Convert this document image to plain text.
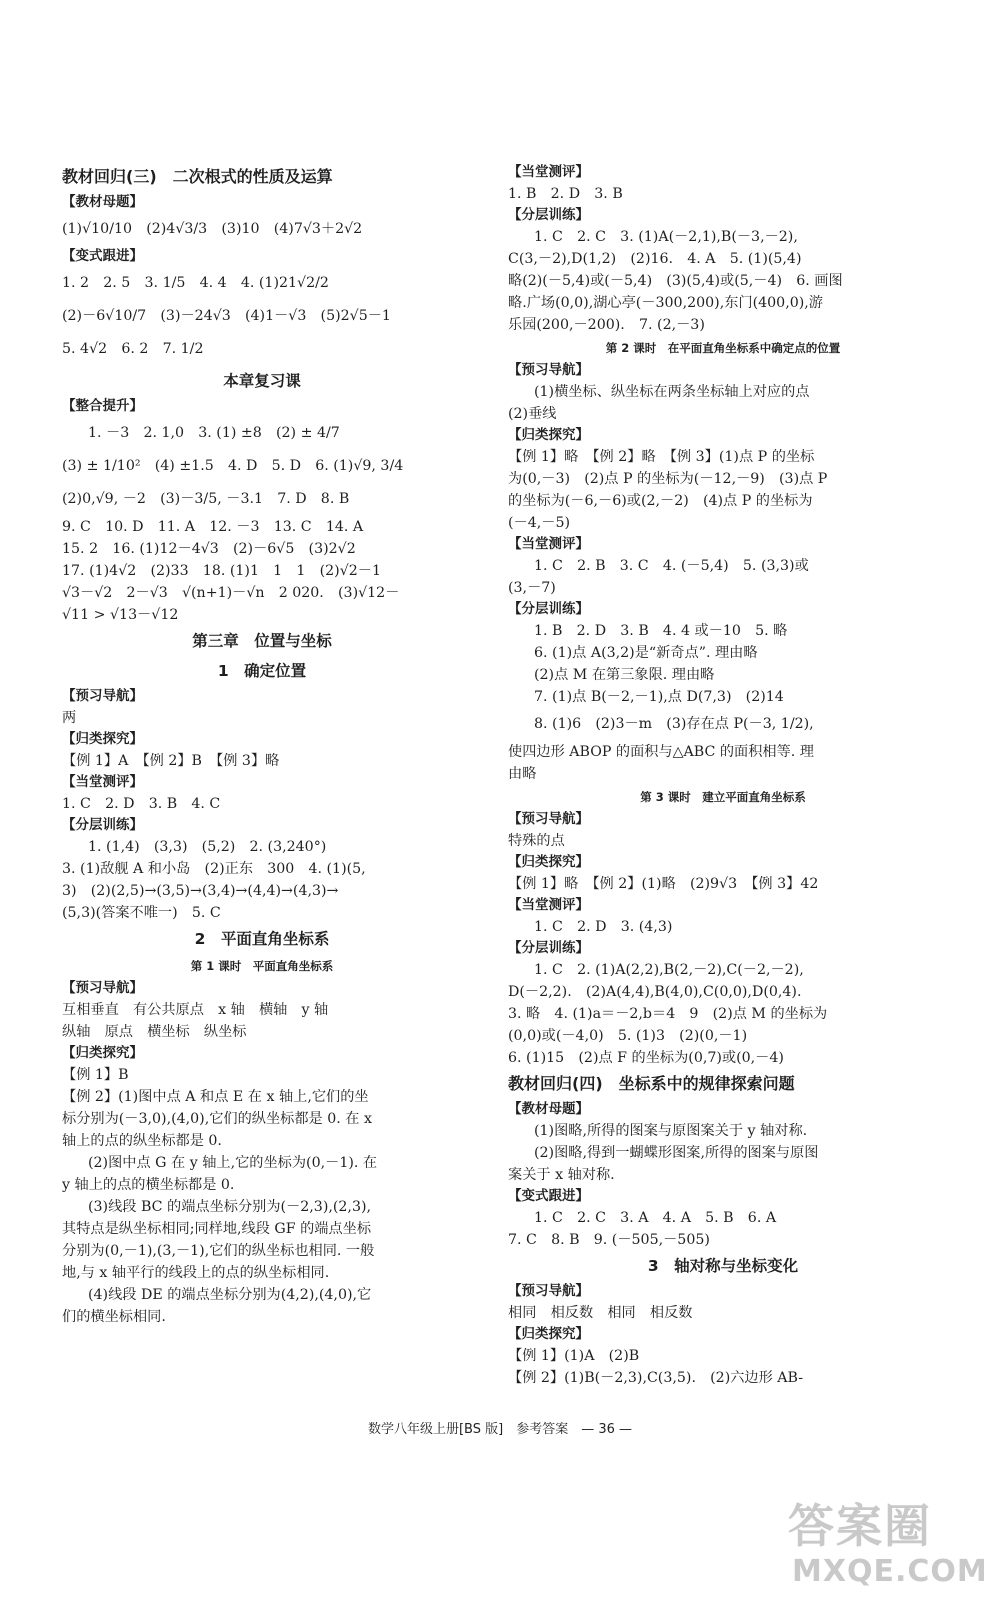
教材回归(三)　二次根式的性质及运算
【教材母题】
(1)√10/10　(2)4√3/3　(3)10　(4)7√3＋2√2
【变式跟进】
1. 2　2. 5　3. 1/5　4. 4　4. (1)21√2/2
(2)－6√10/7　(3)－24√3　(4)1－√3　(5)2√5－1
5. 4√2　6. 2　7. 1/2
本章复习课
【整合提升】
1. －3　2. 1,0　3. (1) ±8　(2) ± 4/7
(3) ± 1/10²　(4) ±1.5　4. D　5. D　6. (1)√9, 3/4
(2)0,√9, －2　(3)－3/5, －3.1　7. D　8. B
9. C　10. D　11. A　12. －3　13. C　14. A
15. 2　16. (1)12－4√3　(2)－6√5　(3)2√2
17. (1)4√2　(2)33　18. (1)1　1　1　(2)√2－1
√3－√2　2－√3　√(n+1)－√n　2 020.　(3)√12－
√11 > √13－√12
第三章　位置与坐标
1　确定位置
【预习导航】
两
【归类探究】
【例 1】A　【例 2】B　【例 3】略
【当堂测评】
1. C　2. D　3. B　4. C
【分层训练】
1. (1,4)　(3,3)　(5,2)　2. (3,240°)
3. (1)敌舰 A 和小岛　(2)正东　300　4. (1)(5,
3)　(2)(2,5)→(3,5)→(3,4)→(4,4)→(4,3)→
(5,3)(答案不唯一)　5. C
2　平面直角坐标系
第 1 课时　平面直角坐标系
【预习导航】
互相垂直　有公共原点　x 轴　横轴　y 轴
纵轴　原点　横坐标　纵坐标
【归类探究】
【例 1】B
【例 2】(1)图中点 A 和点 E 在 x 轴上,它们的坐
标分别为(－3,0),(4,0),它们的纵坐标都是 0. 在 x
轴上的点的纵坐标都是 0.
(2)图中点 G 在 y 轴上,它的坐标为(0,－1). 在
y 轴上的点的横坐标都是 0.
(3)线段 BC 的端点坐标分别为(－2,3),(2,3),
其特点是纵坐标相同;同样地,线段 GF 的端点坐标
分别为(0,－1),(3,－1),它们的纵坐标也相同. 一般
地,与 x 轴平行的线段上的点的纵坐标相同.
(4)线段 DE 的端点坐标分别为(4,2),(4,0),它
们的横坐标相同.
【当堂测评】
1. B　2. D　3. B
【分层训练】
1. C　2. C　3. (1)A(－2,1),B(－3,－2),
C(3,－2),D(1,2)　(2)16.　4. A　5. (1)(5,4)
略(2)(－5,4)或(－5,4)　(3)(5,4)或(5,－4)　6. 画图
略.广场(0,0),湖心亭(－300,200),东门(400,0),游
乐园(200,－200).　7. (2,－3)
第 2 课时　在平面直角坐标系中确定点的位置
【预习导航】
(1)横坐标、纵坐标在两条坐标轴上对应的点
(2)垂线
【归类探究】
【例 1】略　【例 2】略　【例 3】(1)点 P 的坐标
为(0,－3)　(2)点 P 的坐标为(－12,－9)　(3)点 P
的坐标为(－6,－6)或(2,－2)　(4)点 P 的坐标为
(－4,－5)
【当堂测评】
1. C　2. B　3. C　4. (－5,4)　5. (3,3)或
(3,－7)
【分层训练】
1. B　2. D　3. B　4. 4 或－10　5. 略
6. (1)点 A(3,2)是“新奇点”. 理由略
(2)点 M 在第三象限. 理由略
7. (1)点 B(－2,－1),点 D(7,3)　(2)14
8. (1)6　(2)3－m　(3)存在点 P(－3, 1/2),
使四边形 ABOP 的面积与△ABC 的面积相等. 理
由略
第 3 课时　建立平面直角坐标系
【预习导航】
特殊的点
【归类探究】
【例 1】略　【例 2】(1)略　(2)9√3　【例 3】42
【当堂测评】
1. C　2. D　3. (4,3)
【分层训练】
1. C　2. (1)A(2,2),B(2,－2),C(－2,－2),
D(－2,2).　(2)A(4,4),B(4,0),C(0,0),D(0,4).
3. 略　4. (1)a＝－2,b＝4　9　(2)点 M 的坐标为
(0,0)或(－4,0)　5. (1)3　(2)(0,－1)
6. (1)15　(2)点 F 的坐标为(0,7)或(0,－4)
教材回归(四)　坐标系中的规律探索问题
【教材母题】
(1)图略,所得的图案与原图案关于 y 轴对称.
(2)图略,得到一蝴蝶形图案,所得的图案与原图
案关于 x 轴对称.
【变式跟进】
1. C　2. C　3. A　4. A　5. B　6. A
7. C　8. B　9. (－505,－505)
3　轴对称与坐标变化
【预习导航】
相同　相反数　相同　相反数
【归类探究】
【例 1】(1)A　(2)B
【例 2】(1)B(－2,3),C(3,5).　(2)六边形 AB-
数学八年级上册[BS 版]　参考答案　— 36 —
答案圈
MXQE.COM
